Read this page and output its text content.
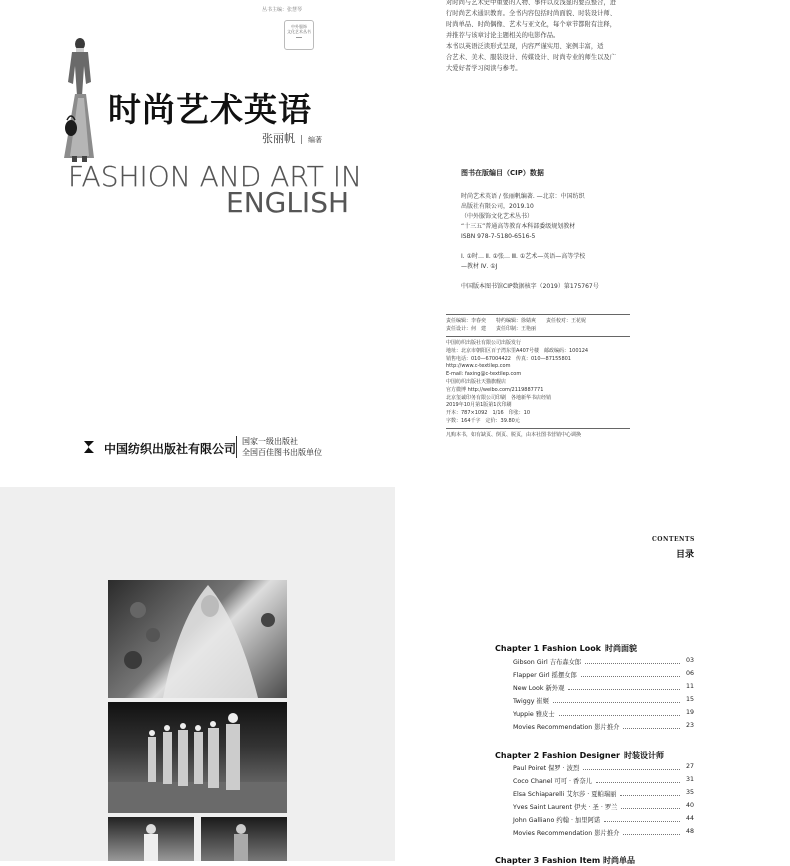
丛书主编：张慧琴
中外服饰
文化艺术丛书
时尚艺术英语
张丽帆 编著
FASHION AND ART IN
ENGLISH
中国纺织出版社有限公司
国家一级出版社
全国百佳图书出版单位

对时尚与艺术史中重要的人物、事件以及浅显的要点整合，进

行时尚艺术通识教育。全书内容包括时尚面貌、时装设计师、

时尚单品、时尚偶像、艺术与亚文化，每个章节都附有注释，

并推荐与该章讨论主题相关的电影作品。

本书以英语泛读形式呈现，内容严谨实用、案例丰富，适

合艺术、美术、服装设计、传媒设计、时尚专业的师生以及广

大爱好者学习阅读与参考。

图书在版编目（CIP）数据
时尚艺术英语 / 张丽帆编著. —北京：中国纺织
出版社有限公司，2019.10
（中外服饰文化艺术丛书）
“十三五”普通高等教育本科部委级规划教材
ISBN 978-7-5180-6516-5

Ⅰ. ①时… Ⅱ. ①张… Ⅲ. ①艺术—英语—高等学校
—教材 Ⅳ. ①J

中国版本图书馆CIP数据核字（2019）第175767号
责任编辑：李春奕　　特约编辑：徐婧爽　　责任校对：王花妮
责任设计：何　建　　责任印制：王艳丽
中国纺织出版社有限公司出版发行
地址：北京市朝阳区百子湾东里A407号楼　邮政编码：100124
销售电话：010—67004422　传真：010—87155801
http://www.c-textilep.com
E-mail: faxing@c-textilep.com
中国纺织出版社天猫旗舰店
官方微博 http://weibo.com/2119887771
北京玺诚印务有限公司印刷　各地新华书店经销
2019年10月第1版第1次印刷
开本：787×1092　1/16　印张：10
字数：164千字　定价：39.80元
凡购本书，如有缺页、倒页、脱页，由本社图书营销中心调换
CONTENTS
目录
Chapter 1 Fashion Look 时尚面貌
Gibson Girl 吉布森女郎	03
Flapper Girl 摇摆女郎	06
New Look 新外观	11
Twiggy 崔姬	15
Yuppie 雅皮士	19
Movies Recommendation 影片推介	23
Chapter 2 Fashion Designer 时装设计师
Paul Poiret 保罗 · 波烈	27
Coco Chanel 可可 · 香奈儿	31
Elsa Schiaparelli 艾尔莎 · 夏帕瑞丽	35
Yves Saint Laurent 伊夫 · 圣 · 罗兰	40
John Galliano 约翰 · 加里阿诺	44
Movies Recommendation 影片推介	48
Chapter 3 Fashion Item 时尚单品
